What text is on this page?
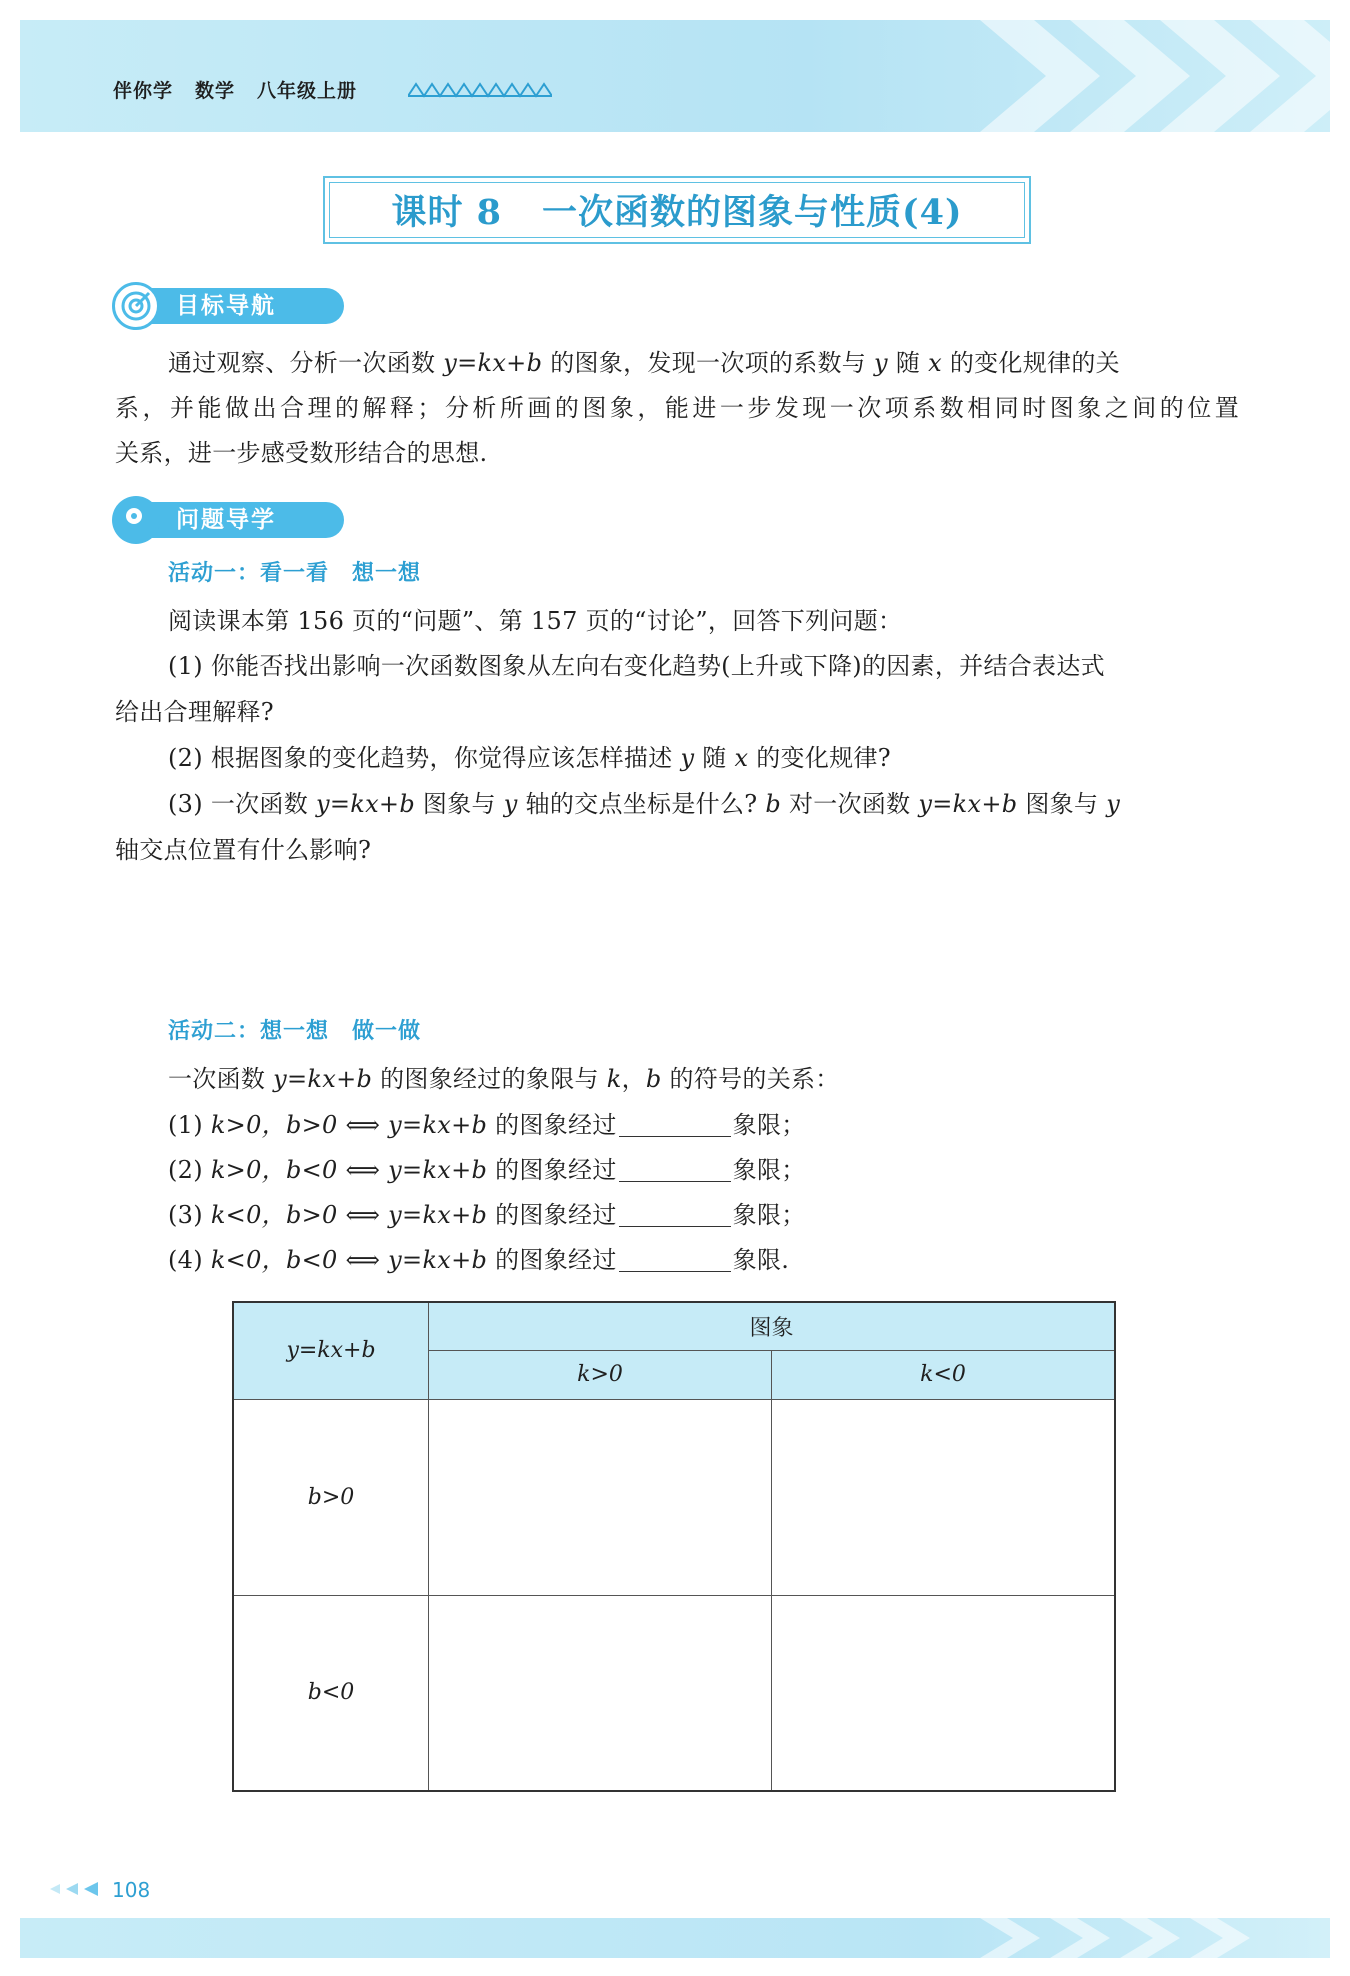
伴你学 数学 八年级上册
课时 8 一次函数的图象与性质(4)
目标导航
通过观察、分析一次函数 y=kx+b 的图象，发现一次项的系数与 y 随 x 的变化规律的关
系，并能做出合理的解释；分析所画的图象，能进一步发现一次项系数相同时图象之间的位置
关系，进一步感受数形结合的思想.
问题导学
活动一：看一看　想一想
阅读课本第 156 页的“问题”、第 157 页的“讨论”，回答下列问题：
(1) 你能否找出影响一次函数图象从左向右变化趋势(上升或下降)的因素，并结合表达式
给出合理解释?
(2) 根据图象的变化趋势，你觉得应该怎样描述 y 随 x 的变化规律?
(3) 一次函数 y=kx+b 图象与 y 轴的交点坐标是什么? b 对一次函数 y=kx+b 图象与 y
轴交点位置有什么影响?
活动二：想一想　做一做
一次函数 y=kx+b 的图象经过的象限与 k，b 的符号的关系：
(1) k>0，b>0 ⟺ y=kx+b 的图象经过	象限；
(2) k>0，b<0 ⟺ y=kx+b 的图象经过	象限；
(3) k<0，b>0 ⟺ y=kx+b 的图象经过	象限；
(4) k<0，b<0 ⟺ y=kx+b 的图象经过	象限.
y=kx+b	图象	
	k>0	k<0
b>0		
b<0		
108
